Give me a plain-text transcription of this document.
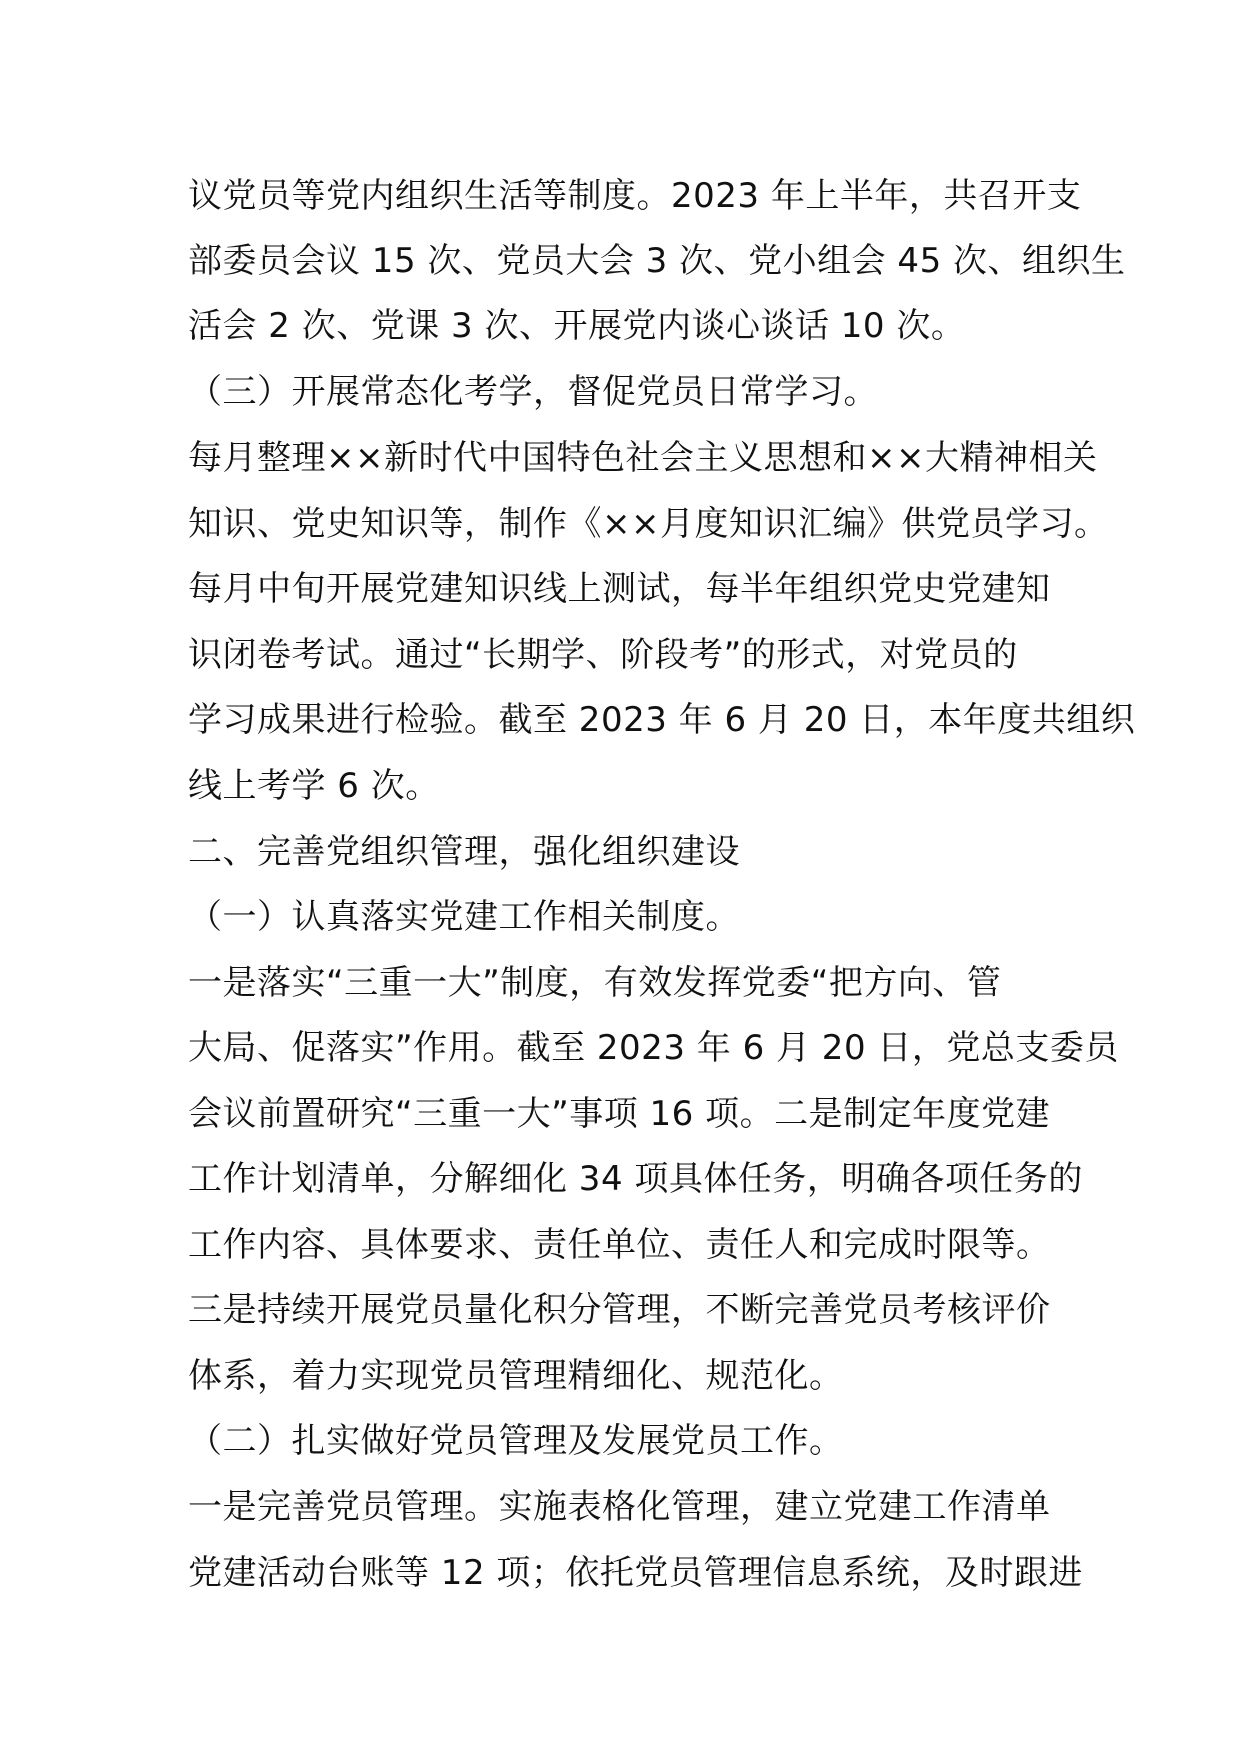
议党员等党内组织生活等制度。2023 年上半年，共召开支
部委员会议 15 次、党员大会 3 次、党小组会 45 次、组织生
活会 2 次、党课 3 次、开展党内谈心谈话 10 次。
（三）开展常态化考学，督促党员日常学习。
每月整理××新时代中国特色社会主义思想和××大精神相关
知识、党史知识等，制作《××月度知识汇编》供党员学习。
每月中旬开展党建知识线上测试，每半年组织党史党建知
识闭卷考试。通过“长期学、阶段考”的形式，对党员的
学习成果进行检验。截至 2023 年 6 月 20 日，本年度共组织
线上考学 6 次。
二、完善党组织管理，强化组织建设
（一）认真落实党建工作相关制度。
一是落实“三重一大”制度，有效发挥党委“把方向、管
大局、促落实”作用。截至 2023 年 6 月 20 日，党总支委员
会议前置研究“三重一大”事项 16 项。二是制定年度党建
工作计划清单，分解细化 34 项具体任务，明确各项任务的
工作内容、具体要求、责任单位、责任人和完成时限等。
三是持续开展党员量化积分管理，不断完善党员考核评价
体系，着力实现党员管理精细化、规范化。
（二）扎实做好党员管理及发展党员工作。
一是完善党员管理。实施表格化管理，建立党建工作清单
党建活动台账等 12 项；依托党员管理信息系统，及时跟进
